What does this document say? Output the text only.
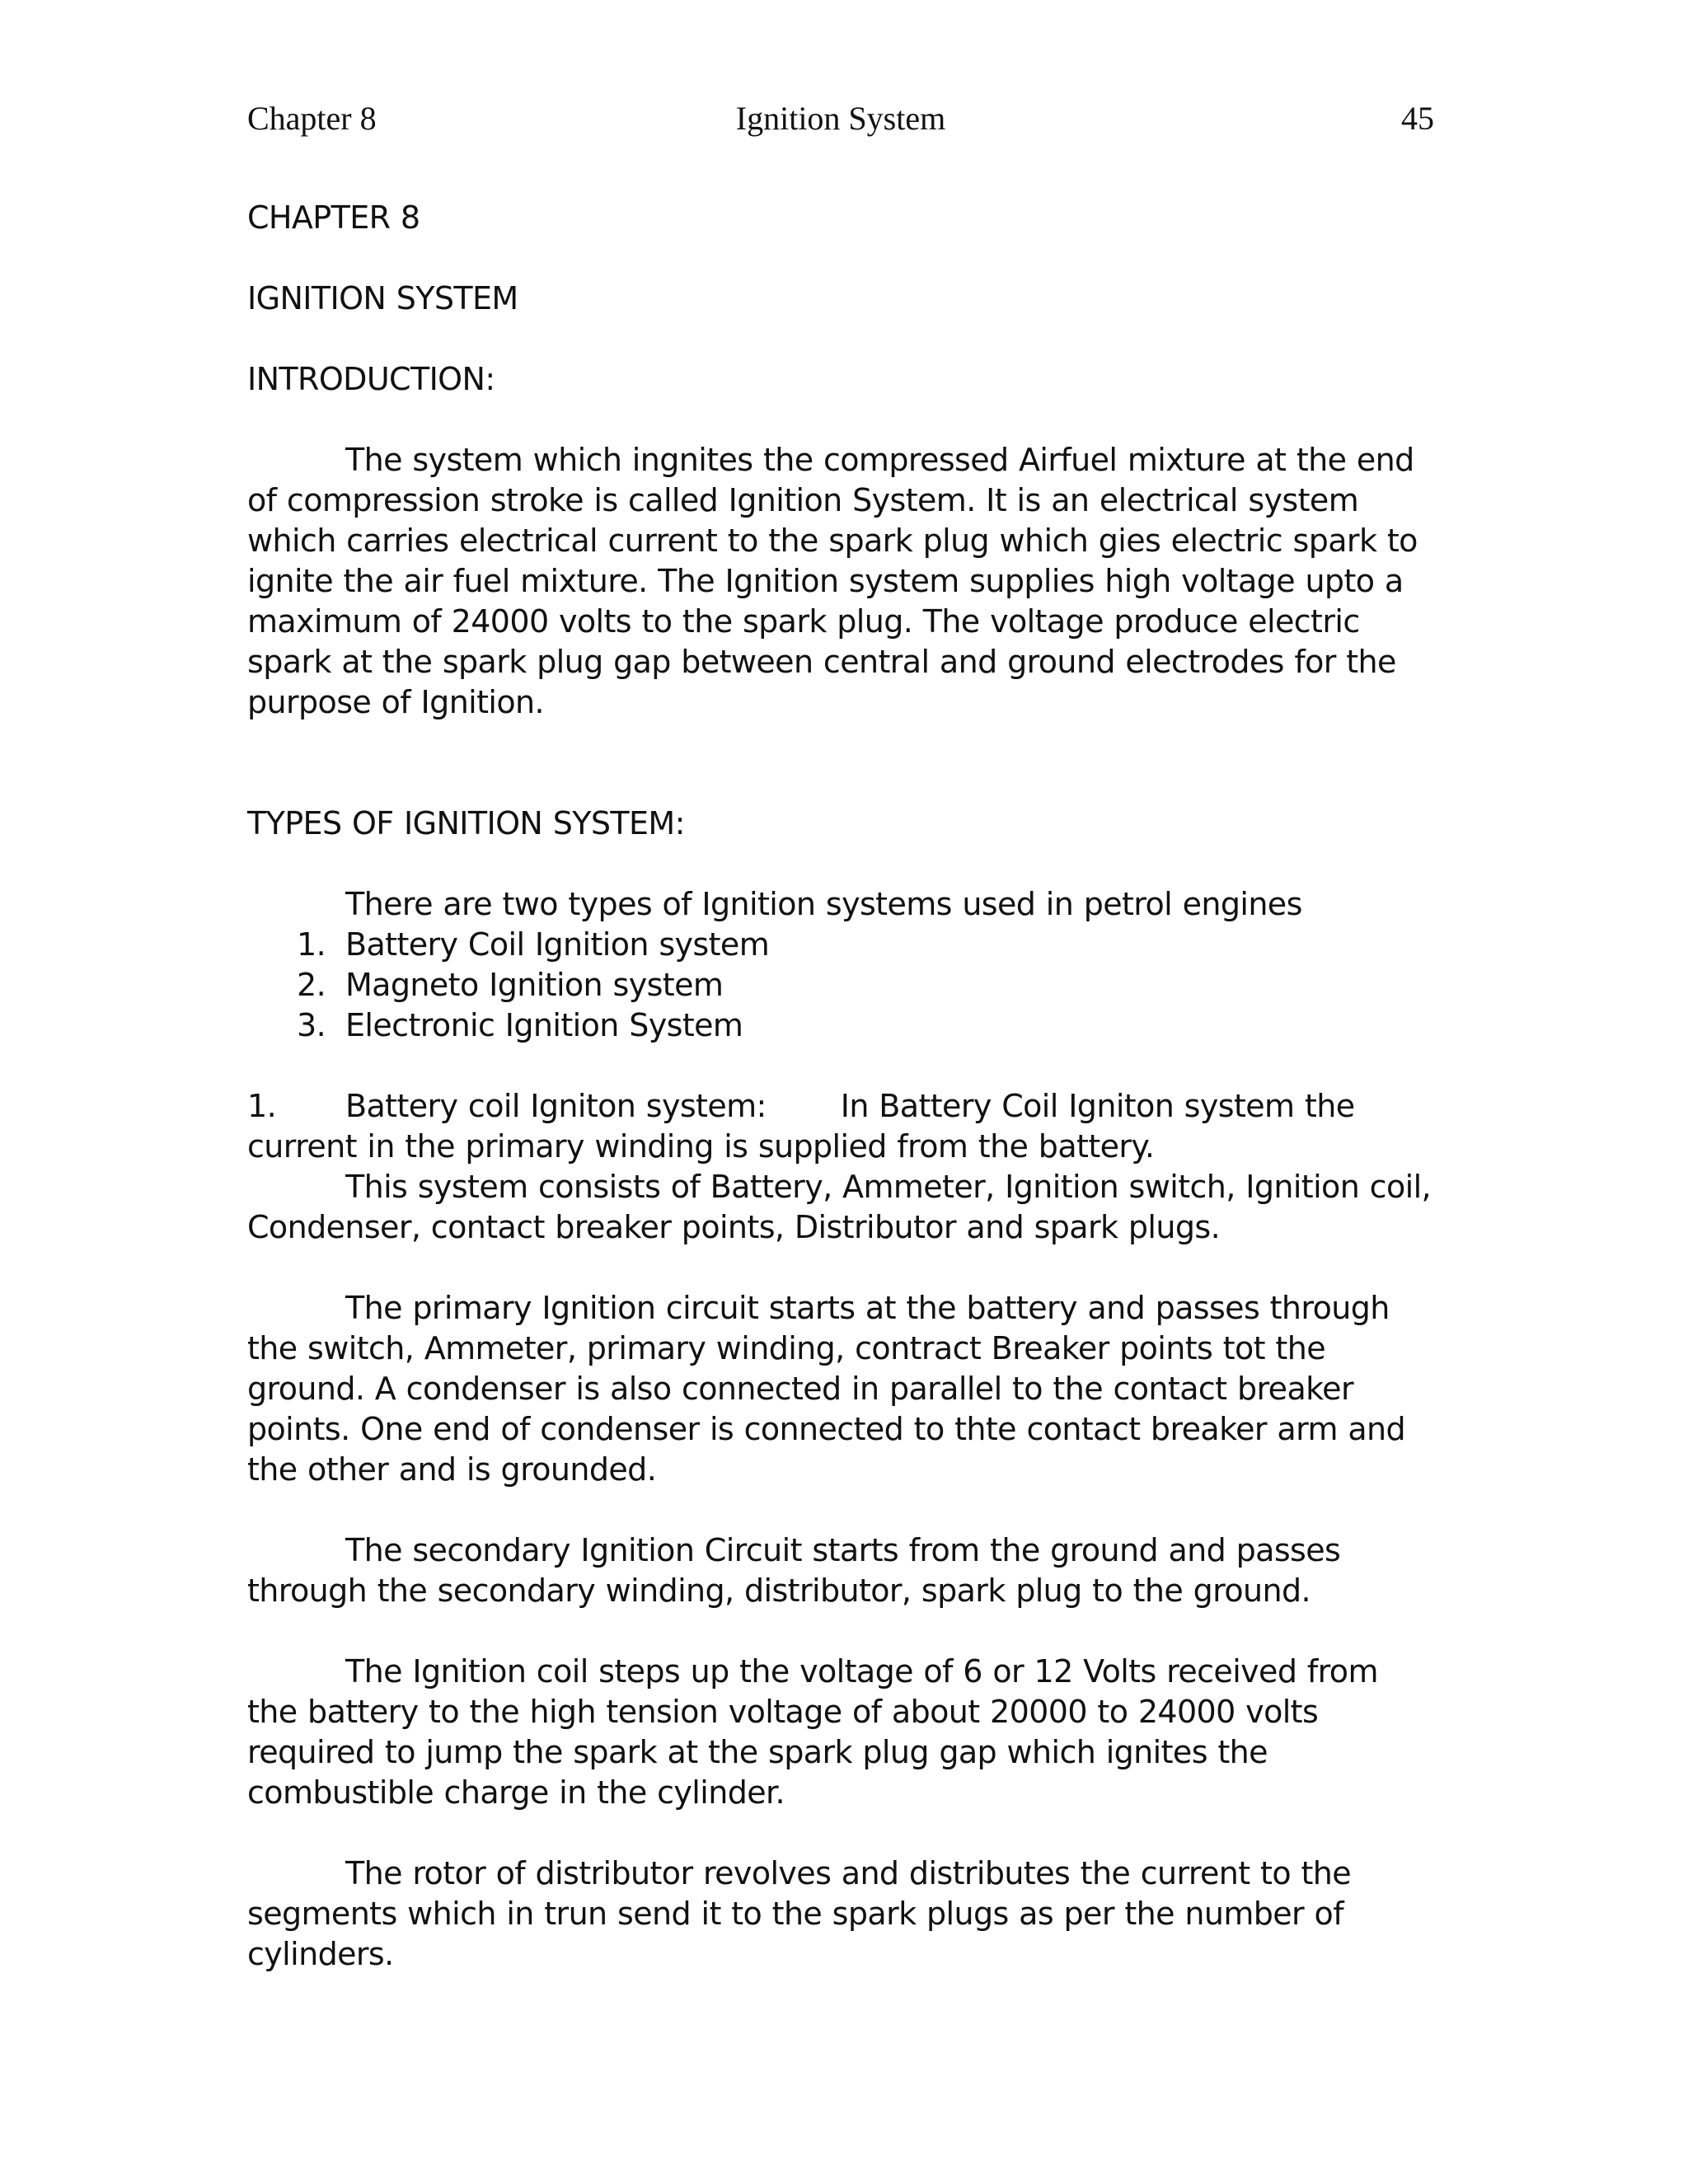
Chapter 8	Ignition System	45

CHAPTER 8

IGNITION SYSTEM

INTRODUCTION:

The system which ingnites the compressed Airfuel mixture at the end of compression stroke is called Ignition System. It is an electrical system which carries electrical current to the spark plug which gies electric spark to ignite the air fuel mixture. The Ignition system supplies high voltage upto a maximum of 24000 volts to the spark plug. The voltage produce electric spark at the spark plug gap between central and ground electrodes for the purpose of Ignition.

TYPES OF IGNITION SYSTEM:

There are two types of Ignition systems used in petrol engines

1. Battery Coil Ignition system
2. Magneto Ignition system
3. Electronic Ignition System

1. Battery coil Igniton system: In Battery Coil Igniton system the current in the primary winding is supplied from the battery.

This system consists of Battery, Ammeter, Ignition switch, Ignition coil, Condenser, contact breaker points, Distributor and spark plugs.

The primary Ignition circuit starts at the battery and passes through the switch, Ammeter, primary winding, contract Breaker points tot the ground. A condenser is also connected in parallel to the contact breaker points. One end of condenser is connected to thte contact breaker arm and the other and is grounded.

The secondary Ignition Circuit starts from the ground and passes through the secondary winding, distributor, spark plug to the ground.

The Ignition coil steps up the voltage of 6 or 12 Volts received from the battery to the high tension voltage of about 20000 to 24000 volts required to jump the spark at the spark plug gap which ignites the combustible charge in the cylinder.

The rotor of distributor revolves and distributes the current to the segments which in trun send it to the spark plugs as per the number of cylinders.
